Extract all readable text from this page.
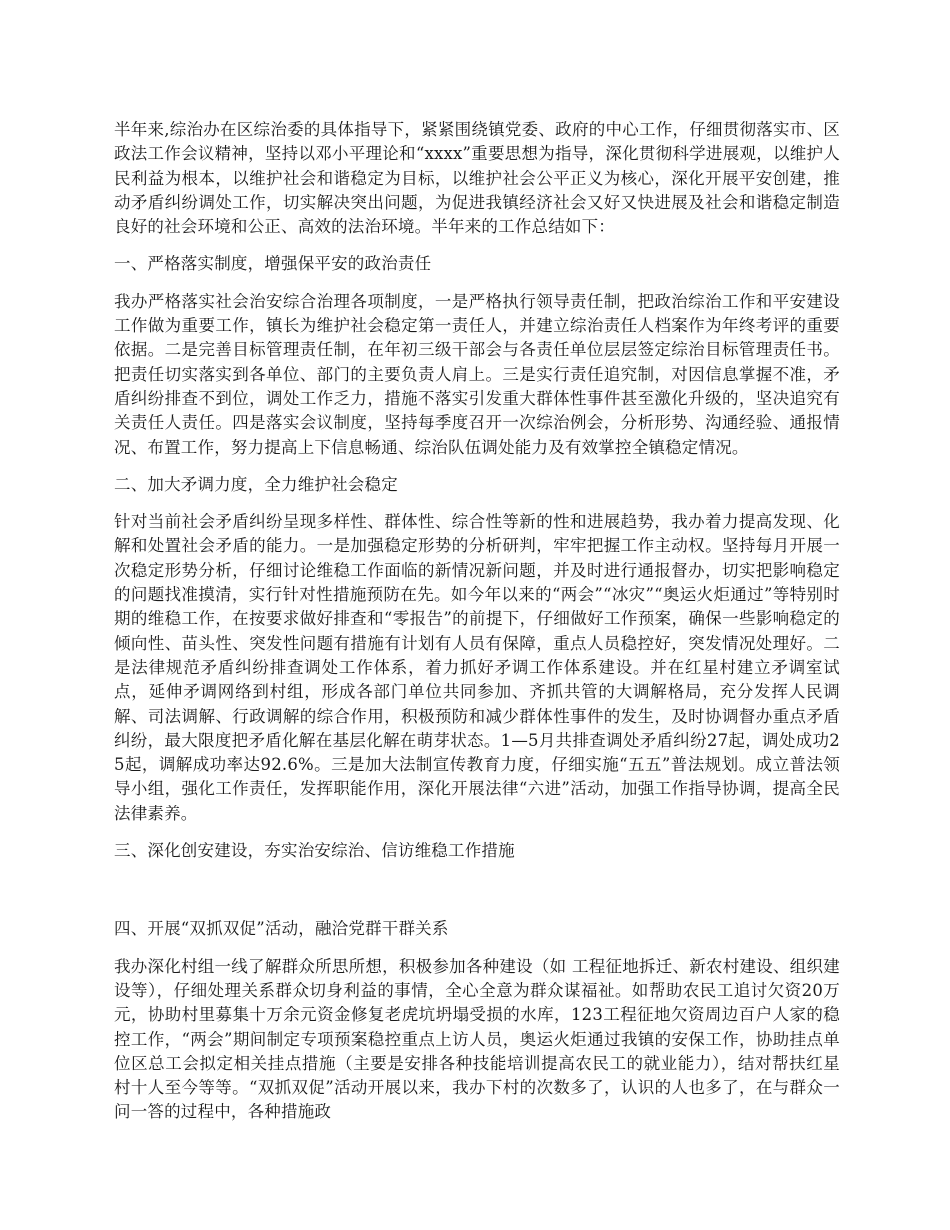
半年来,综治办在区综治委的具体指导下，紧紧围绕镇党委、政府的中心工作，仔细贯彻落实市、区政法工作会议精神，坚持以邓小平理论和“xxxx”重要思想为指导，深化贯彻科学进展观，以维护人民利益为根本，以维护社会和谐稳定为目标，以维护社会公平正义为核心，深化开展平安创建，推动矛盾纠纷调处工作，切实解决突出问题，为促进我镇经济社会又好又快进展及社会和谐稳定制造良好的社会环境和公正、高效的法治环境。半年来的工作总结如下：

一、严格落实制度，增强保平安的政治责任

我办严格落实社会治安综合治理各项制度，一是严格执行领导责任制，把政治综治工作和平安建设工作做为重要工作，镇长为维护社会稳定第一责任人，并建立综治责任人档案作为年终考评的重要依据。二是完善目标管理责任制，在年初三级干部会与各责任单位层层签定综治目标管理责任书。把责任切实落实到各单位、部门的主要负责人肩上。三是实行责任追究制，对因信息掌握不准，矛盾纠纷排查不到位，调处工作乏力，措施不落实引发重大群体性事件甚至激化升级的，坚决追究有关责任人责任。四是落实会议制度，坚持每季度召开一次综治例会，分析形势、沟通经验、通报情况、布置工作，努力提高上下信息畅通、综治队伍调处能力及有效掌控全镇稳定情况。

二、加大矛调力度，全力维护社会稳定

针对当前社会矛盾纠纷呈现多样性、群体性、综合性等新的性和进展趋势，我办着力提高发现、化解和处置社会矛盾的能力。一是加强稳定形势的分析研判，牢牢把握工作主动权。坚持每月开展一次稳定形势分析，仔细讨论维稳工作面临的新情况新问题，并及时进行通报督办，切实把影响稳定的问题找准摸清，实行针对性措施预防在先。如今年以来的“两会”“冰灾”“奥运火炬通过”等特别时期的维稳工作，在按要求做好排查和“零报告”的前提下，仔细做好工作预案，确保一些影响稳定的倾向性、苗头性、突发性问题有措施有计划有人员有保障，重点人员稳控好，突发情况处理好。二是法律规范矛盾纠纷排查调处工作体系，着力抓好矛调工作体系建设。并在红星村建立矛调室试点，延伸矛调网络到村组，形成各部门单位共同参加、齐抓共管的大调解格局，充分发挥人民调解、司法调解、行政调解的综合作用，积极预防和减少群体性事件的发生，及时协调督办重点矛盾纠纷，最大限度把矛盾化解在基层化解在萌芽状态。1—5月共排查调处矛盾纠纷27起，调处成功25起，调解成功率达92.6%。三是加大法制宣传教育力度，仔细实施“五五”普法规划。成立普法领导小组，强化工作责任，发挥职能作用，深化开展法律“六进”活动，加强工作指导协调，提高全民法律素养。

三、深化创安建设，夯实治安综治、信访维稳工作措施

四、开展“双抓双促”活动，融洽党群干群关系

我办深化村组一线了解群众所思所想，积极参加各种建设（如 工程征地拆迁、新农村建设、组织建设等），仔细处理关系群众切身利益的事情，全心全意为群众谋福祉。如帮助农民工追讨欠资20万元，协助村里募集十万余元资金修复老虎坑坍塌受损的水库，123工程征地欠资周边百户人家的稳控工作，“两会”期间制定专项预案稳控重点上访人员，奥运火炬通过我镇的安保工作，协助挂点单位区总工会拟定相关挂点措施（主要是安排各种技能培训提高农民工的就业能力），结对帮扶红星村十人至今等等。“双抓双促”活动开展以来，我办下村的次数多了，认识的人也多了，在与群众一问一答的过程中，各种措施政
